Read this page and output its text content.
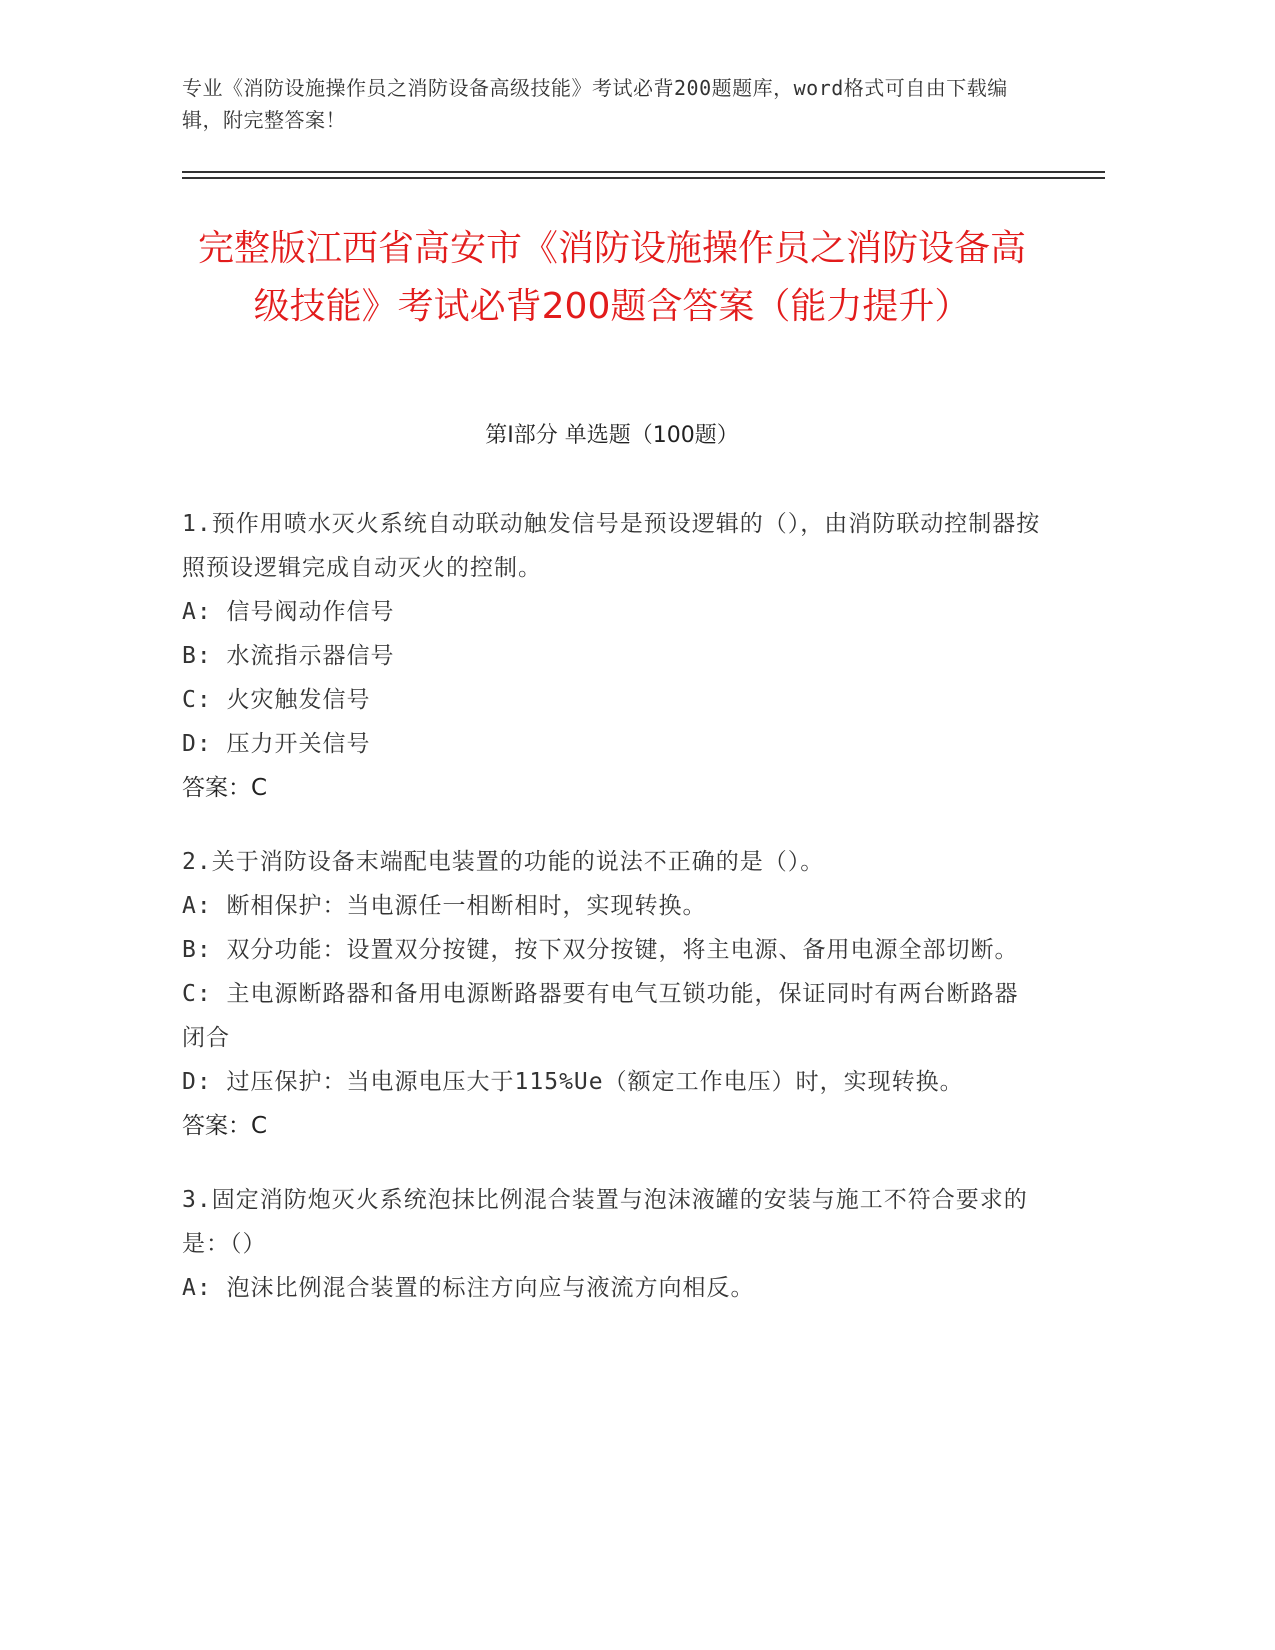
专业《消防设施操作员之消防设备高级技能》考试必背200题题库，word格式可自由下载编辑，附完整答案！
完整版江西省高安市《消防设施操作员之消防设备高级技能》考试必背200题含答案（能力提升）
第I部分 单选题（100题）
1.预作用喷水灭火系统自动联动触发信号是预设逻辑的（），由消防联动控制器按照预设逻辑完成自动灭火的控制。
A: 信号阀动作信号
B: 水流指示器信号
C: 火灾触发信号
D: 压力开关信号
答案：C
2.关于消防设备末端配电装置的功能的说法不正确的是（）。
A: 断相保护：当电源任一相断相时，实现转换。
B: 双分功能：设置双分按键，按下双分按键，将主电源、备用电源全部切断。
C: 主电源断路器和备用电源断路器要有电气互锁功能，保证同时有两台断路器闭合
D: 过压保护：当电源电压大于115%Ue（额定工作电压）时，实现转换。
答案：C
3.固定消防炮灭火系统泡抹比例混合装置与泡沫液罐的安装与施工不符合要求的是：（）
A: 泡沫比例混合装置的标注方向应与液流方向相反。
